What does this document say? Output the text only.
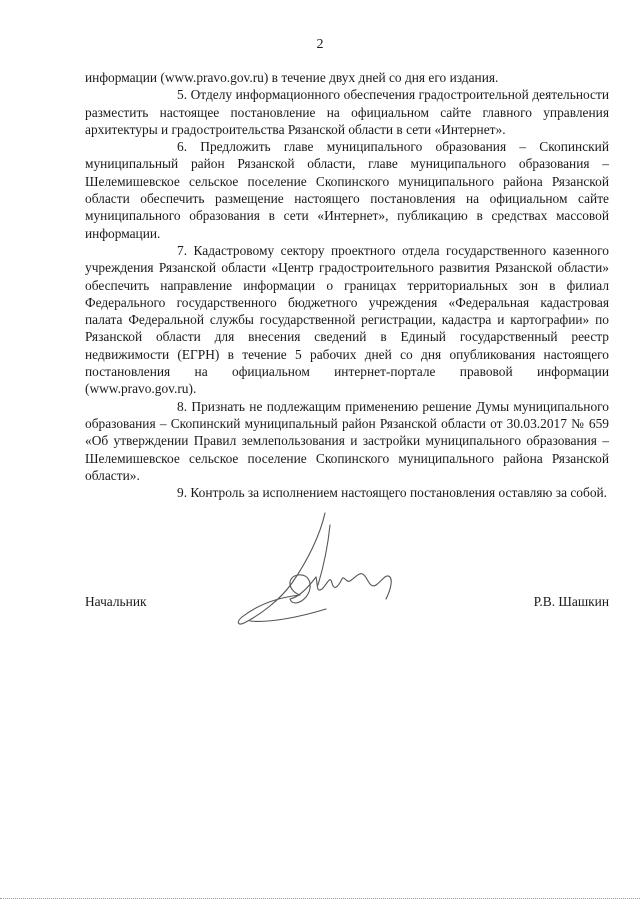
2

информации (www.pravo.gov.ru) в течение двух дней со дня его издания.

5. Отделу информационного обеспечения градостроительной деятельности разместить настоящее постановление на официальном сайте главного управления архитектуры и градостроительства Рязанской области в сети «Интернет».

6. Предложить главе муниципального образования – Скопинский муниципальный район Рязанской области, главе муниципального образования – Шелемишевское сельское поселение Скопинского муниципального района Рязанской области обеспечить размещение настоящего постановления на официальном сайте муниципального образования в сети «Интернет», публикацию в средствах массовой информации.

7. Кадастровому сектору проектного отдела государственного казенного учреждения Рязанской области «Центр градостроительного развития Рязанской области» обеспечить направление информации о границах территориальных зон в филиал Федерального государственного бюджетного учреждения «Федеральная кадастровая палата Федеральной службы государственной регистрации, кадастра и картографии» по Рязанской области для внесения сведений в Единый государственный реестр недвижимости (ЕГРН) в течение 5 рабочих дней со дня опубликования настоящего постановления на официальном интернет-портале правовой информации (www.pravo.gov.ru).

8. Признать не подлежащим применению решение Думы муниципального образования – Скопинский муниципальный район Рязанской области от 30.03.2017 № 659 «Об утверждении Правил землепользования и застройки муниципального образования – Шелемишевское сельское поселение Скопинского муниципального района Рязанской области».

9. Контроль за исполнением настоящего постановления оставляю за собой.

Начальник	Р.В. Шашкин
